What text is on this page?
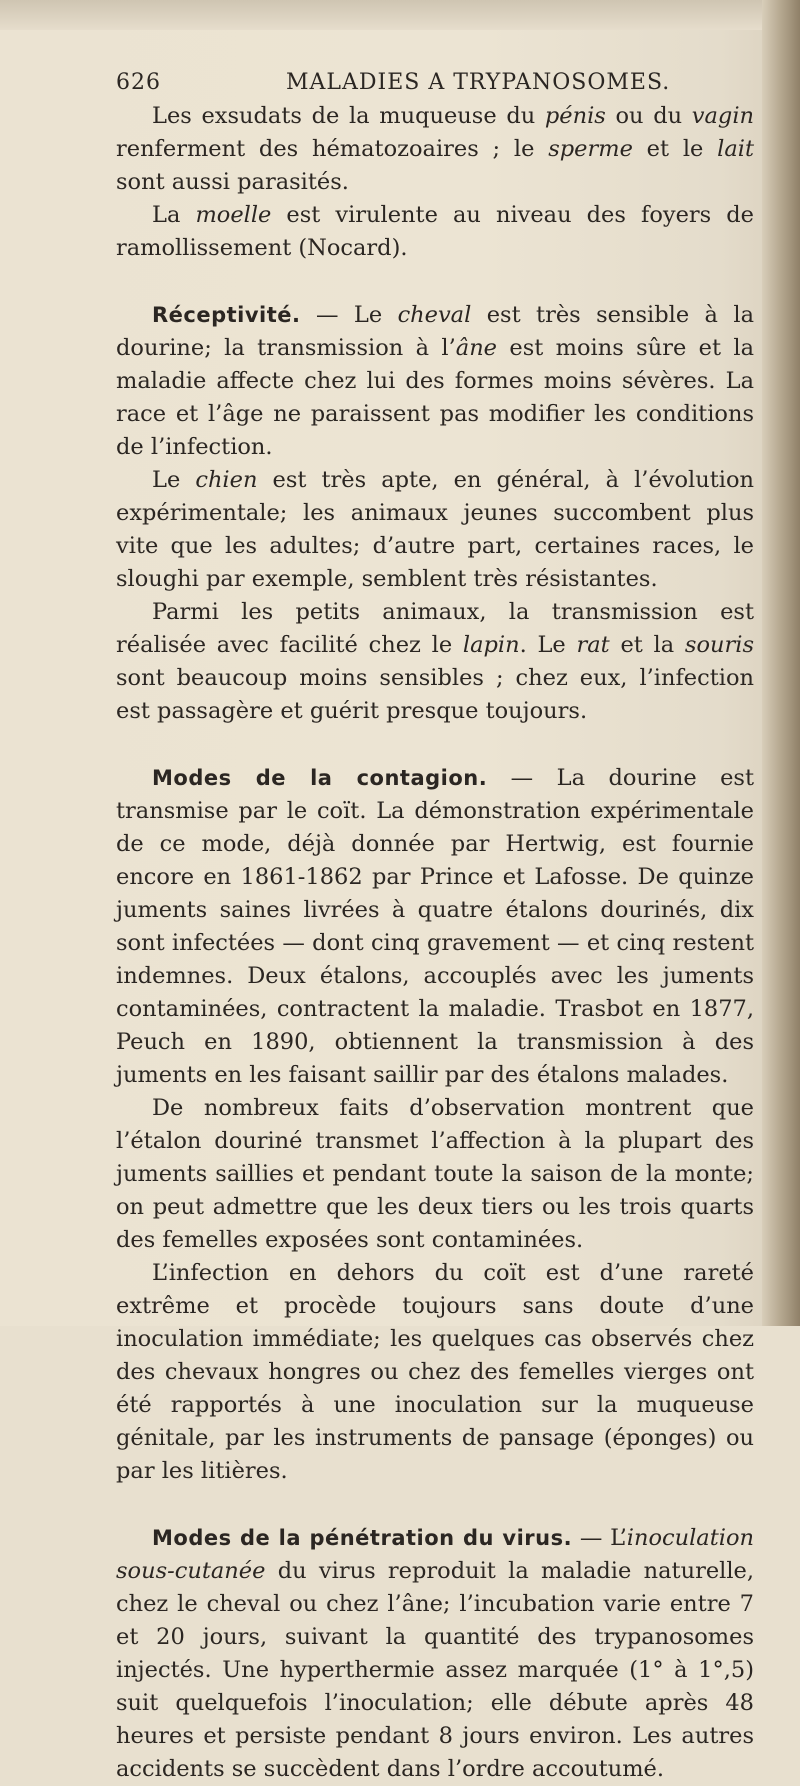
626	MALADIES A TRYPANOSOMES.

Les exsudats de la muqueuse du pénis ou du vagin renferment des hématozoaires ; le sperme et le lait sont aussi parasités.

La moelle est virulente au niveau des foyers de ramollissement (Nocard).

Réceptivité. — Le cheval est très sensible à la dourine; la transmission à l’âne est moins sûre et la maladie affecte chez lui des formes moins sévères. La race et l’âge ne paraissent pas modifier les conditions de l’infection.

Le chien est très apte, en général, à l’évolution expérimentale; les animaux jeunes succombent plus vite que les adultes; d’autre part, certaines races, le sloughi par exemple, semblent très résistantes.

Parmi les petits animaux, la transmission est réalisée avec facilité chez le lapin. Le rat et la souris sont beaucoup moins sensibles ; chez eux, l’infection est passagère et guérit presque toujours.

Modes de la contagion. — La dourine est transmise par le coït. La démonstration expérimentale de ce mode, déjà donnée par Hertwig, est fournie encore en 1861-1862 par Prince et Lafosse. De quinze juments saines livrées à quatre étalons dourinés, dix sont infectées — dont cinq gravement — et cinq restent indemnes. Deux étalons, accouplés avec les juments contaminées, contractent la maladie. Trasbot en 1877, Peuch en 1890, obtiennent la transmission à des juments en les faisant saillir par des étalons malades.

De nombreux faits d’observation montrent que l’étalon douriné transmet l’affection à la plupart des juments saillies et pendant toute la saison de la monte; on peut admettre que les deux tiers ou les trois quarts des femelles exposées sont contaminées.

L’infection en dehors du coït est d’une rareté extrême et procède toujours sans doute d’une inoculation immédiate; les quelques cas observés chez des chevaux hongres ou chez des femelles vierges ont été rapportés à une inoculation sur la muqueuse génitale, par les instruments de pansage (éponges) ou par les litières.

Modes de la pénétration du virus. — L’inoculation sous-cutanée du virus reproduit la maladie naturelle, chez le cheval ou chez l’âne; l’incubation varie entre 7 et 20 jours, suivant la quantité des trypanosomes injectés. Une hyperthermie assez marquée (1° à 1°,5) suit quelquefois l’inoculation; elle débute après 48 heures et persiste pendant 8 jours environ. Les autres accidents se succèdent dans l’ordre accoutumé.
